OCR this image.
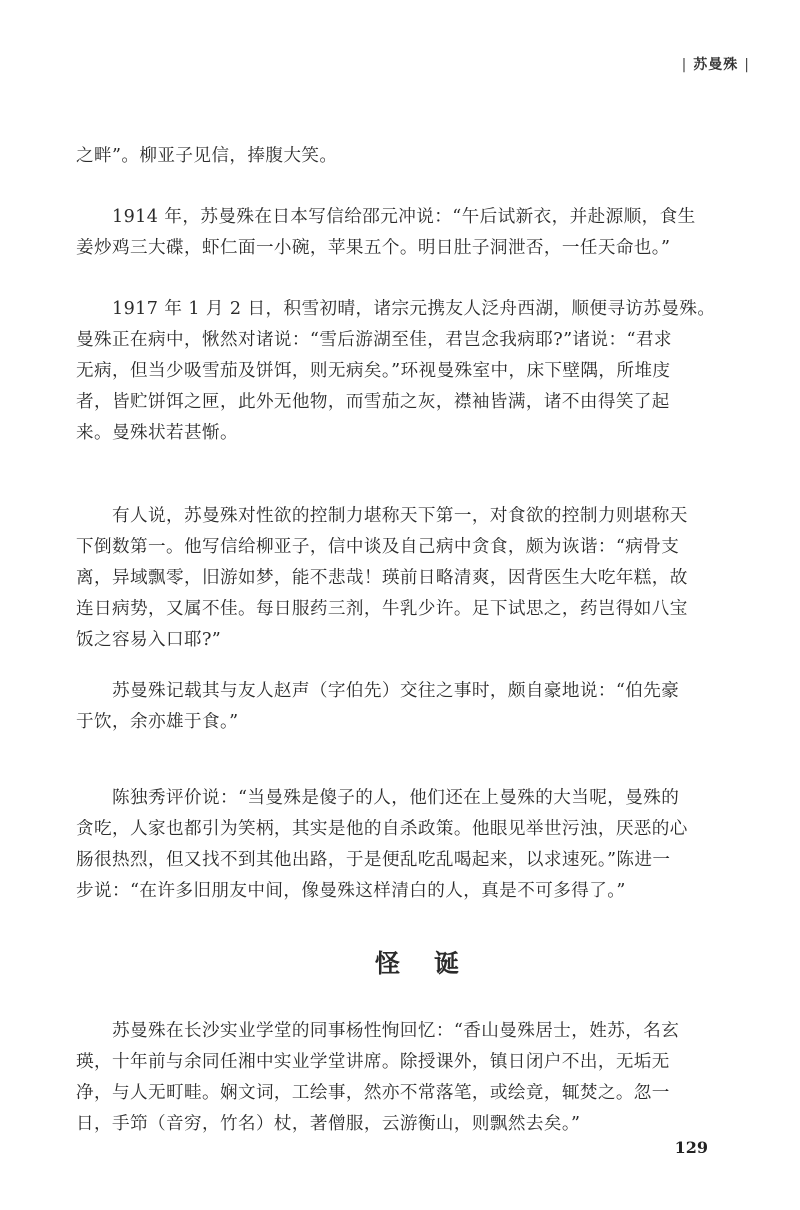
| 苏曼殊 |

之畔”。柳亚子见信，捧腹大笑。

　　1914 年，苏曼殊在日本写信给邵元冲说：“午后试新衣，并赴源顺，食生
姜炒鸡三大碟，虾仁面一小碗，苹果五个。明日肚子洞泄否，一任天命也。”

　　1917 年 1 月 2 日，积雪初晴，诸宗元携友人泛舟西湖，顺便寻访苏曼殊。
曼殊正在病中，愀然对诸说：“雪后游湖至佳，君岂念我病耶?”诸说：“君求
无病，但当少吸雪茄及饼饵，则无病矣。”环视曼殊室中，床下壁隅，所堆庋
者，皆贮饼饵之匣，此外无他物，而雪茄之灰，襟袖皆满，诸不由得笑了起
来。曼殊状若甚惭。

　　有人说，苏曼殊对性欲的控制力堪称天下第一，对食欲的控制力则堪称天
下倒数第一。他写信给柳亚子，信中谈及自己病中贪食，颇为诙谐：“病骨支
离，异域飘零，旧游如梦，能不悲哉！瑛前日略清爽，因背医生大吃年糕，故
连日病势，又属不佳。每日服药三剂，牛乳少许。足下试思之，药岂得如八宝
饭之容易入口耶?”

　　苏曼殊记载其与友人赵声（字伯先）交往之事时，颇自豪地说：“伯先豪
于饮，余亦雄于食。”

　　陈独秀评价说：“当曼殊是傻子的人，他们还在上曼殊的大当呢，曼殊的
贪吃，人家也都引为笑柄，其实是他的自杀政策。他眼见举世污浊，厌恶的心
肠很热烈，但又找不到其他出路，于是便乱吃乱喝起来，以求速死。”陈进一
步说：“在许多旧朋友中间，像曼殊这样清白的人，真是不可多得了。”

怪诞

　　苏曼殊在长沙实业学堂的同事杨性恂回忆：“香山曼殊居士，姓苏，名玄
瑛，十年前与余同任湘中实业学堂讲席。除授课外，镇日闭户不出，无垢无
净，与人无町畦。娴文词，工绘事，然亦不常落笔，或绘竟，辄焚之。忽一
日，手笻（音穷，竹名）杖，著僧服，云游衡山，则飘然去矣。”

129
